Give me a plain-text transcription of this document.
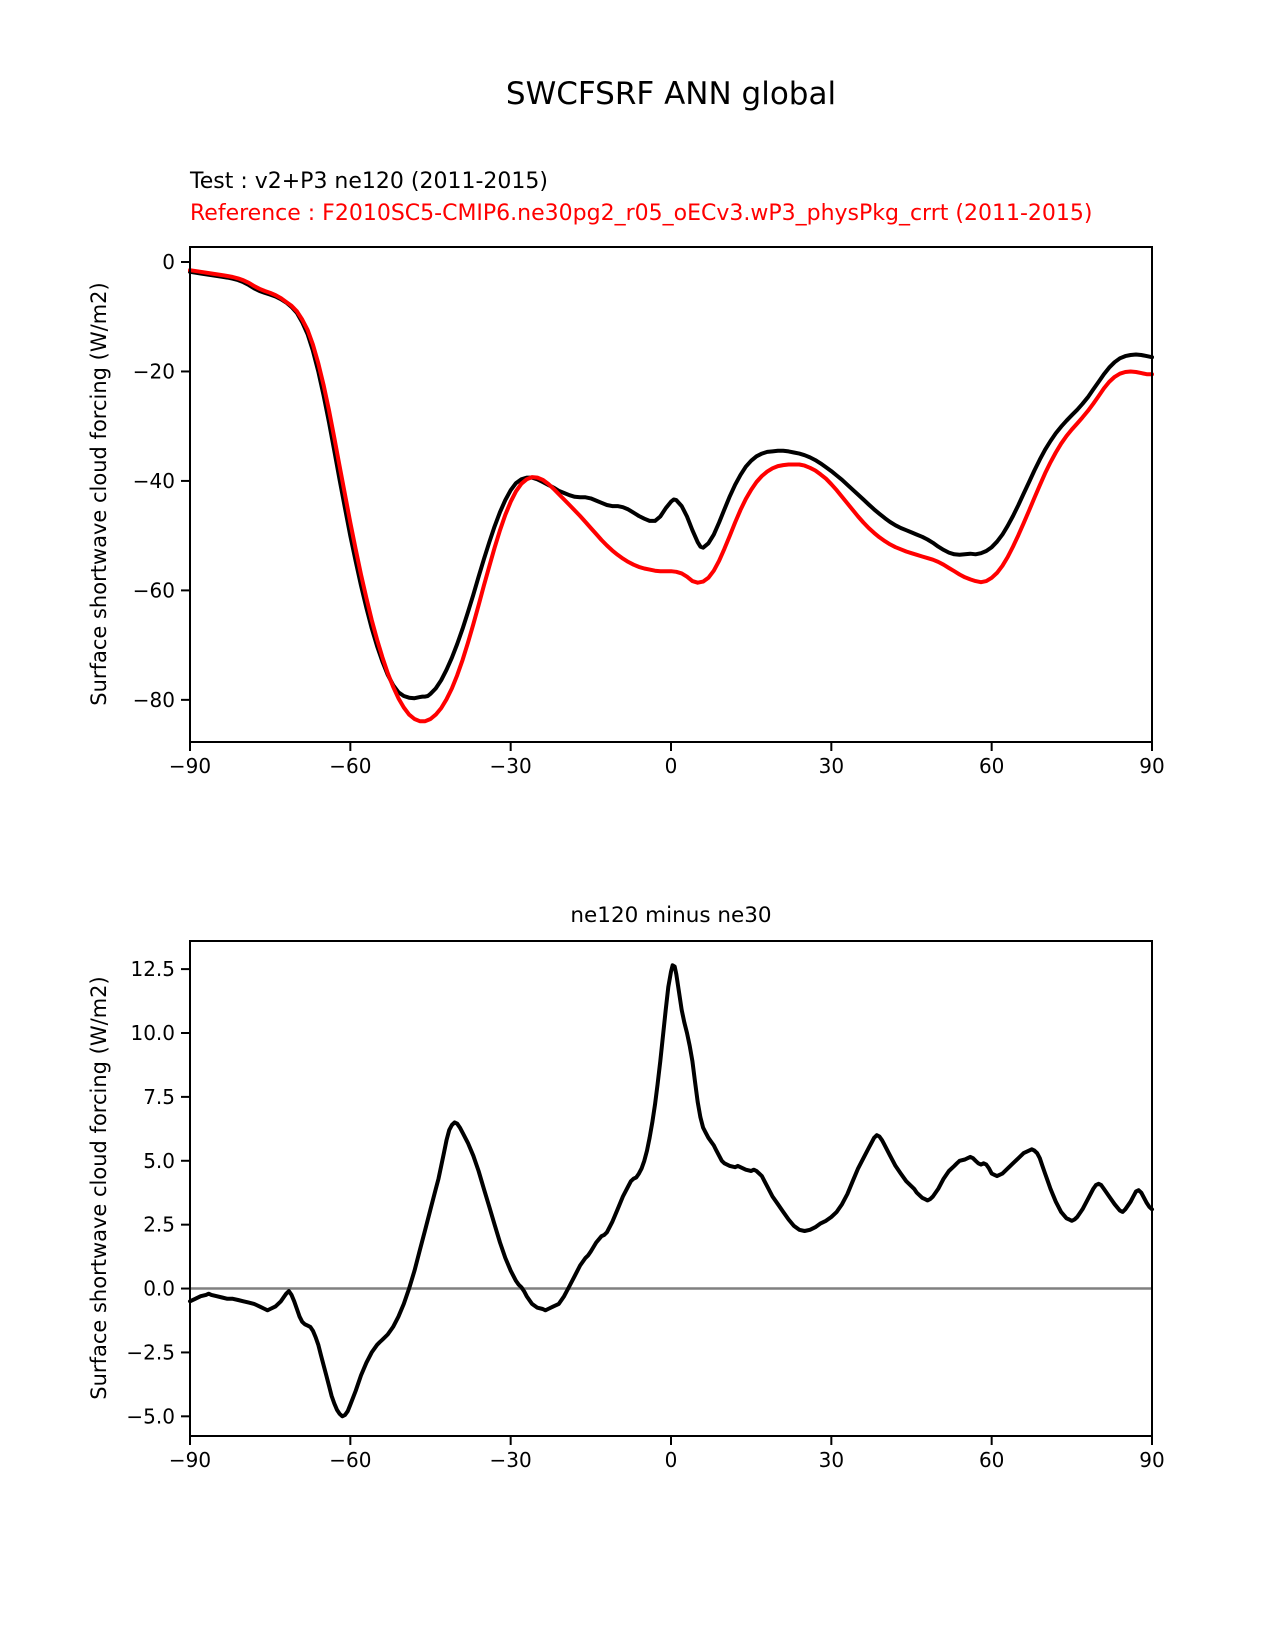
−90	−60	−30	0	30	60	90
0
−20
−40
−60
−80
−90	−60	−30	0	30	60	90
12.5
10.0
7.5
5.0
2.5
0.0
−2.5
−5.0
SWCFSRF ANN global
Test : v2+P3 ne120 (2011-2015)
Reference : F2010SC5-CMIP6.ne30pg2_r05_oECv3.wP3_physPkg_crrt (2011-2015)
Surface shortwave cloud forcing (W/m2)
Surface shortwave cloud forcing (W/m2)
ne120 minus ne30
